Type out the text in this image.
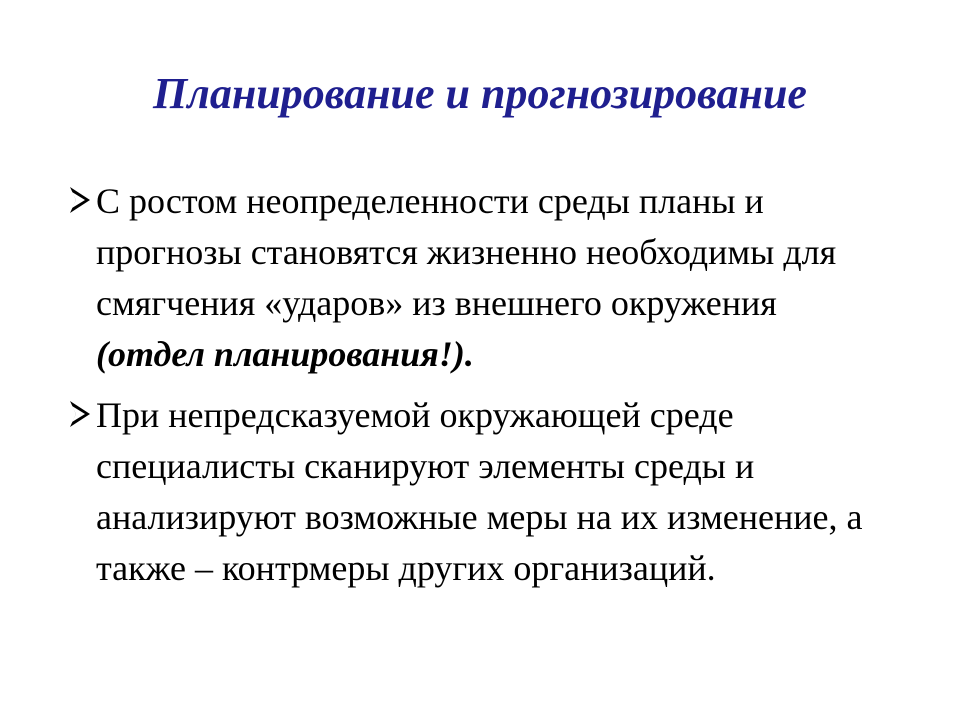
Планирование и прогнозирование
С ростом неопределенности среды планы и прогнозы становятся жизненно необходимы для смягчения «ударов» из внешнего окружения (отдел планирования!).
При непредсказуемой окружающей среде специалисты сканируют элементы среды и анализируют возможные меры на их изменение, а также – контрмеры других организаций.
